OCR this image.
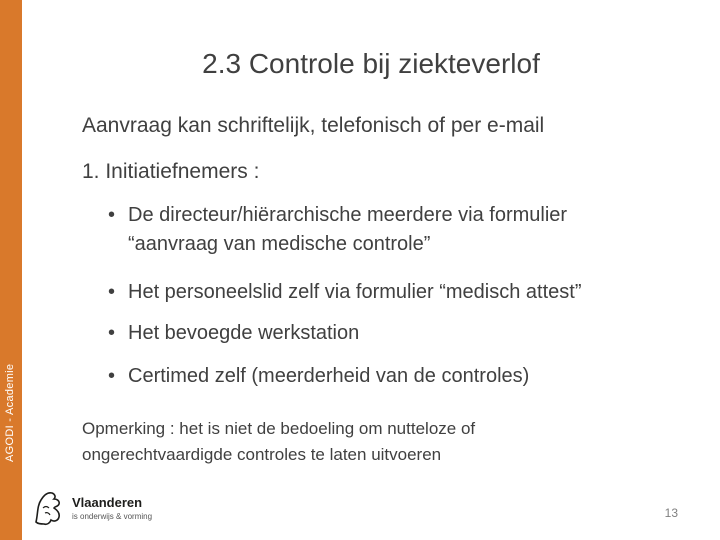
AGODI - Academie
2.3 Controle bij ziekteverlof
Aanvraag kan schriftelijk, telefonisch of per e-mail
1. Initiatiefnemers :
• De directeur/hiërarchische meerdere via formulier
“aanvraag van medische controle”
• Het personeelslid zelf via formulier “medisch attest”
• Het bevoegde werkstation
• Certimed zelf (meerderheid van de controles)
Opmerking : het is niet de bedoeling om nutteloze of
ongerechtvaardigde controles te laten uitvoeren
Vlaanderen
is onderwijs & vorming	13
